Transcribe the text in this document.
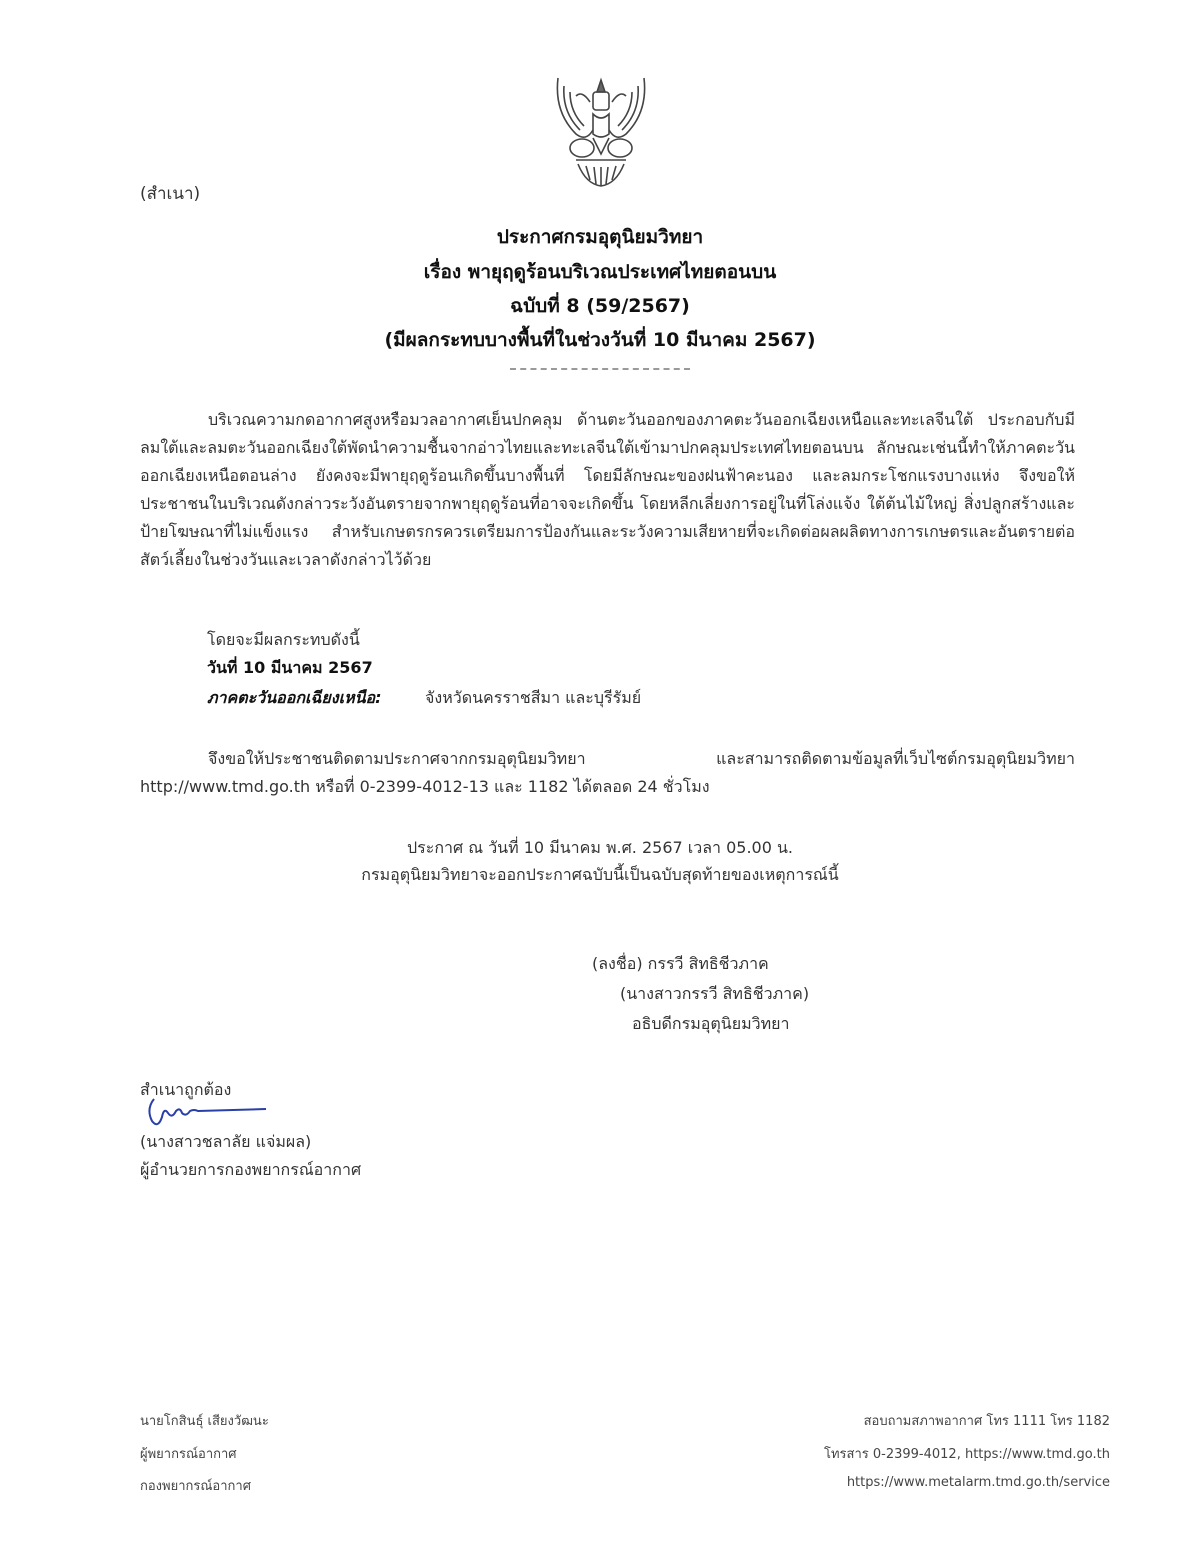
(สำเนา)
ประกาศกรมอุตุนิยมวิทยา
เรื่อง พายุฤดูร้อนบริเวณประเทศไทยตอนบน
ฉบับที่ 8 (59/2567)
(มีผลกระทบบางพื้นที่ในช่วงวันที่ 10 มีนาคม 2567)
บริเวณความกดอากาศสูงหรือมวลอากาศเย็นปกคลุม ด้านตะวันออกของภาคตะวันออกเฉียงเหนือและทะเลจีนใต้ ประกอบกับมีลมใต้และลมตะวันออกเฉียงใต้พัดนำความชื้นจากอ่าวไทยและทะเลจีนใต้เข้ามาปกคลุมประเทศไทยตอนบน ลักษณะเช่นนี้ทำให้ภาคตะวันออกเฉียงเหนือตอนล่าง ยังคงจะมีพายุฤดูร้อนเกิดขึ้นบางพื้นที่ โดยมีลักษณะของฝนฟ้าคะนอง และลมกระโชกแรงบางแห่ง จึงขอให้ประชาชนในบริเวณดังกล่าวระวังอันตรายจากพายุฤดูร้อนที่อาจจะเกิดขึ้น โดยหลีกเลี่ยงการอยู่ในที่โล่งแจ้ง ใต้ต้นไม้ใหญ่ สิ่งปลูกสร้างและป้ายโฆษณาที่ไม่แข็งแรง สำหรับเกษตรกรควรเตรียมการป้องกันและระวังความเสียหายที่จะเกิดต่อผลผลิตทางการเกษตรและอันตรายต่อสัตว์เลี้ยงในช่วงวันและเวลาดังกล่าวไว้ด้วย
โดยจะมีผลกระทบดังนี้
วันที่ 10 มีนาคม 2567
ภาคตะวันออกเฉียงเหนือ:	จังหวัดนครราชสีมา และบุรีรัมย์
จึงขอให้ประชาชนติดตามประกาศจากกรมอุตุนิยมวิทยา และสามารถติดตามข้อมูลที่เว็บไซต์กรมอุตุนิยมวิทยา http://www.tmd.go.th หรือที่ 0-2399-4012-13 และ 1182 ได้ตลอด 24 ชั่วโมง
ประกาศ ณ วันที่ 10 มีนาคม พ.ศ. 2567 เวลา 05.00 น.
กรมอุตุนิยมวิทยาจะออกประกาศฉบับนี้เป็นฉบับสุดท้ายของเหตุการณ์นี้
(ลงชื่อ) กรรวี สิทธิชีวภาค
(นางสาวกรรวี สิทธิชีวภาค)
อธิบดีกรมอุตุนิยมวิทยา
สำเนาถูกต้อง
(นางสาวชลาลัย แจ่มผล)
ผู้อำนวยการกองพยากรณ์อากาศ
นายโกสินธุ์ เสียงวัฒนะ
ผู้พยากรณ์อากาศ
กองพยากรณ์อากาศ
สอบถามสภาพอากาศ โทร 1111 โทร 1182
โทรสาร 0-2399-4012, https://www.tmd.go.th
https://www.metalarm.tmd.go.th/service
